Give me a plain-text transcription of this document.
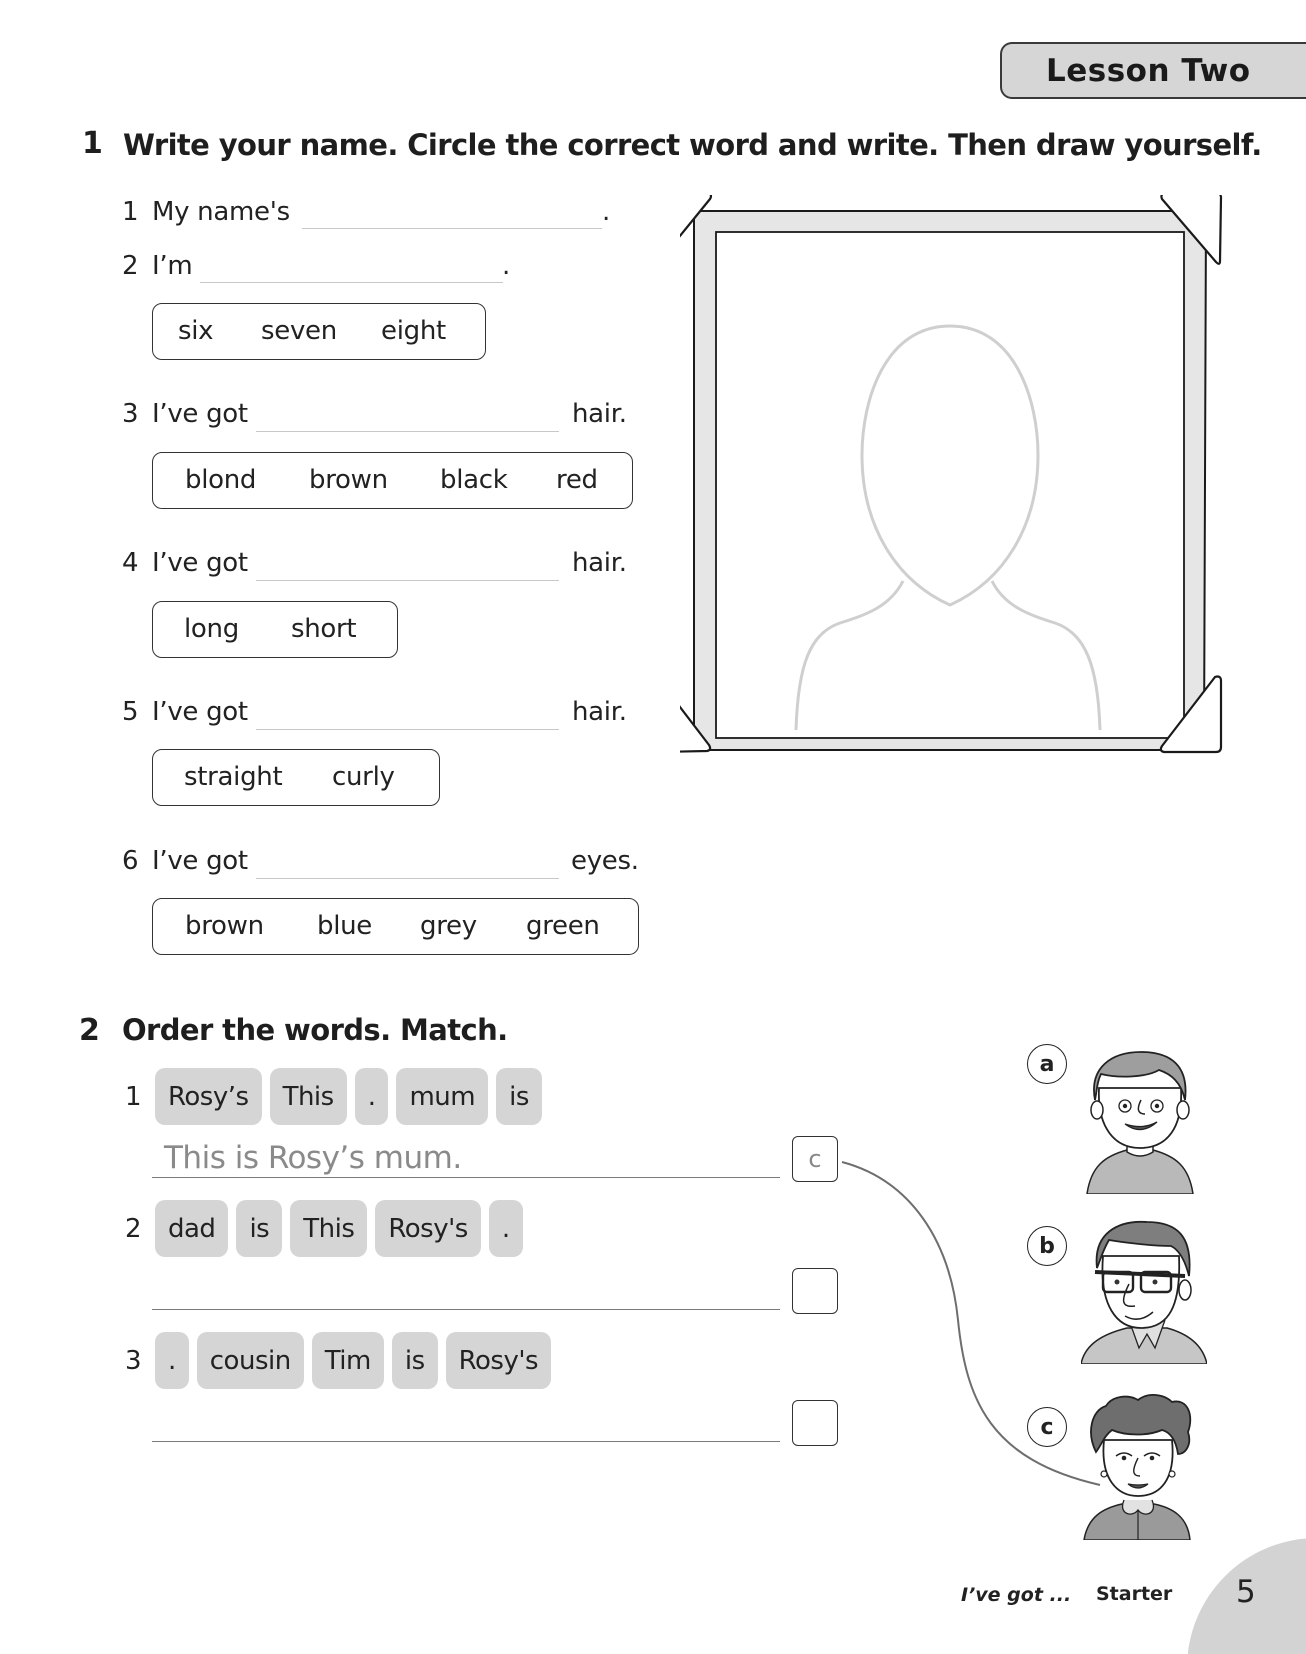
Lesson Two
1 Write your name. Circle the correct word and write. Then draw yourself.
1 My name's	.
2 I’m	.
six seven eight
3 I’ve got	hair.
blond brown black red
4 I’ve got	hair.
long short
5 I’ve got	hair.
straight curly
6 I’ve got	eyes.
brown blue grey green
2 Order the words. Match.
1	Rosy’s	This	.	mum	is
This is Rosy’s mum.	c
2	dad	is	This	Rosy's	.
3	.	cousin	Tim	is	Rosy's
a
b
c
I’ve got ... Starter 5
